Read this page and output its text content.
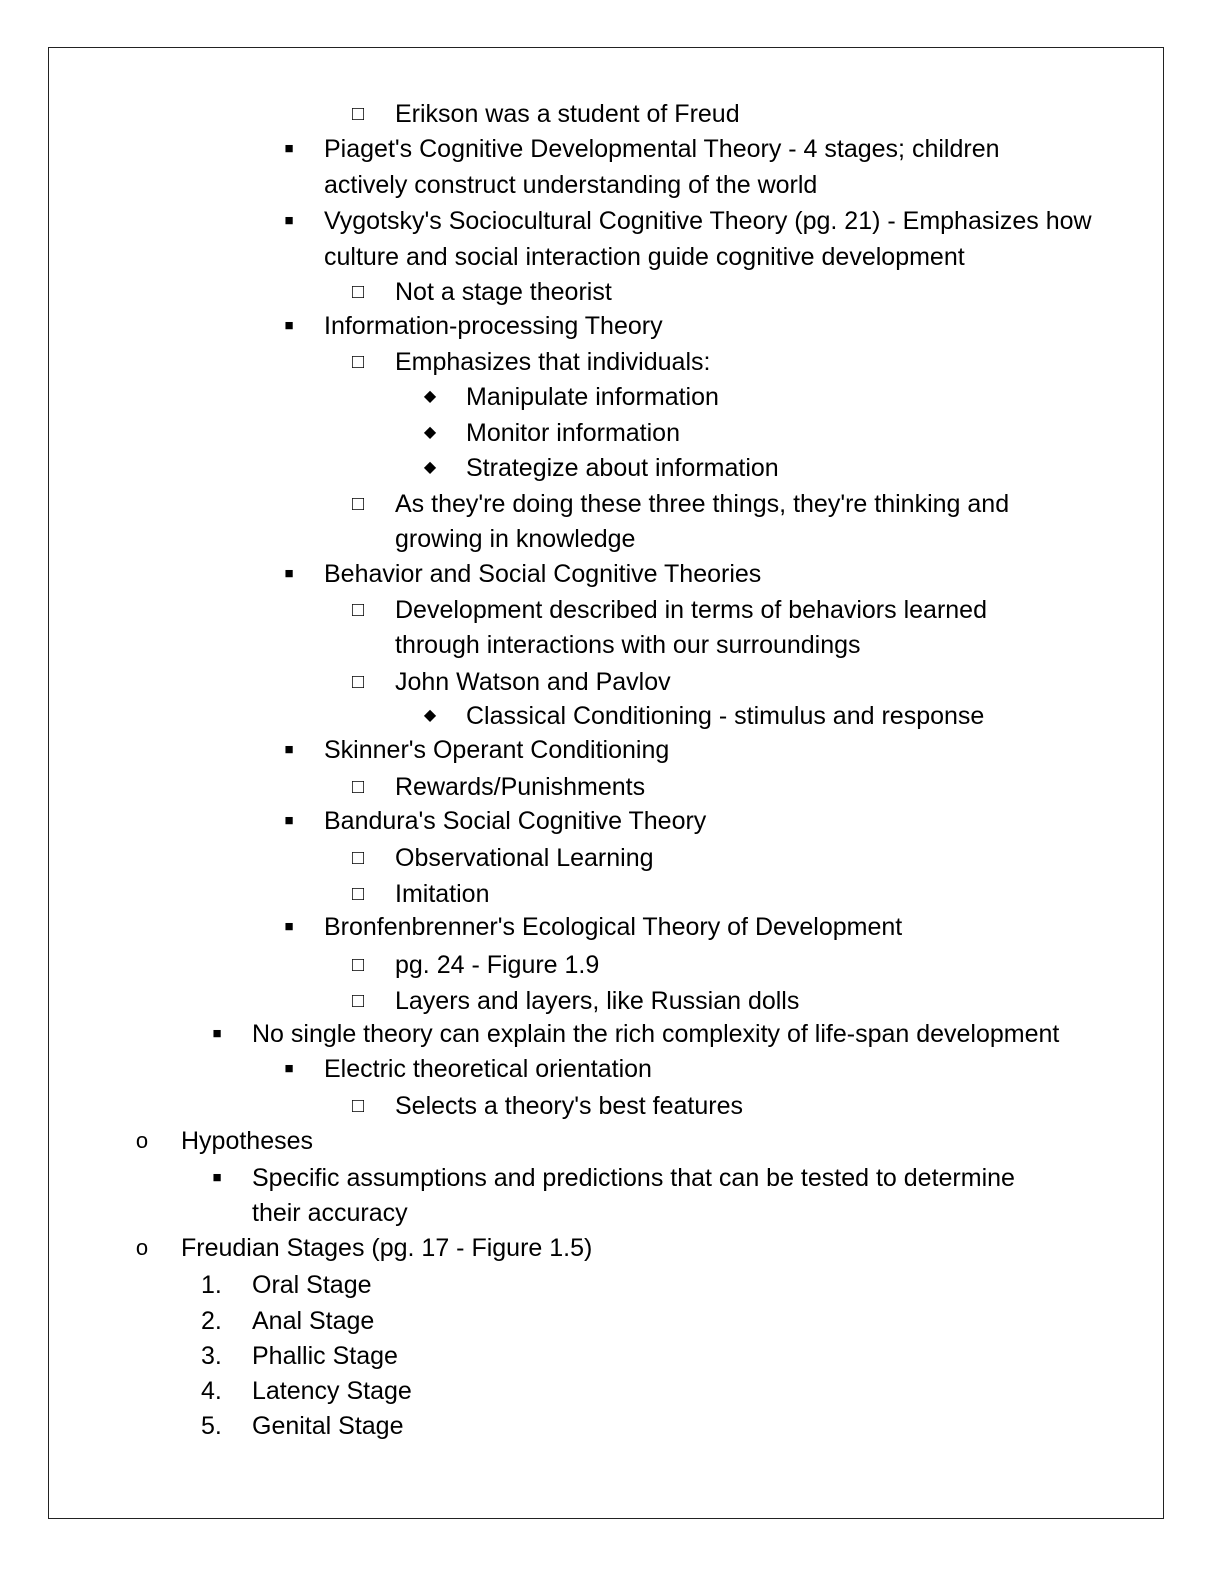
□ Erikson was a student of Freud
■ Piaget's Cognitive Developmental Theory - 4 stages; children
actively construct understanding of the world
■ Vygotsky's Sociocultural Cognitive Theory (pg. 21) - Emphasizes how
culture and social interaction guide cognitive development
□ Not a stage theorist
■ Information-processing Theory
□ Emphasizes that individuals:
◆ Manipulate information
◆ Monitor information
◆ Strategize about information
□ As they're doing these three things, they're thinking and
growing in knowledge
■ Behavior and Social Cognitive Theories
□ Development described in terms of behaviors learned
through interactions with our surroundings
□ John Watson and Pavlov
◆ Classical Conditioning - stimulus and response
■ Skinner's Operant Conditioning
□ Rewards/Punishments
■ Bandura's Social Cognitive Theory
□ Observational Learning
□ Imitation
■ Bronfenbrenner's Ecological Theory of Development
□ pg. 24 - Figure 1.9
□ Layers and layers, like Russian dolls
■ No single theory can explain the rich complexity of life-span development
■ Electric theoretical orientation
□ Selects a theory's best features
o Hypotheses
■ Specific assumptions and predictions that can be tested to determine
their accuracy
o Freudian Stages (pg. 17 - Figure 1.5)
1.	Oral Stage
2.	Anal Stage
3.	Phallic Stage
4.	Latency Stage
5.	Genital Stage
